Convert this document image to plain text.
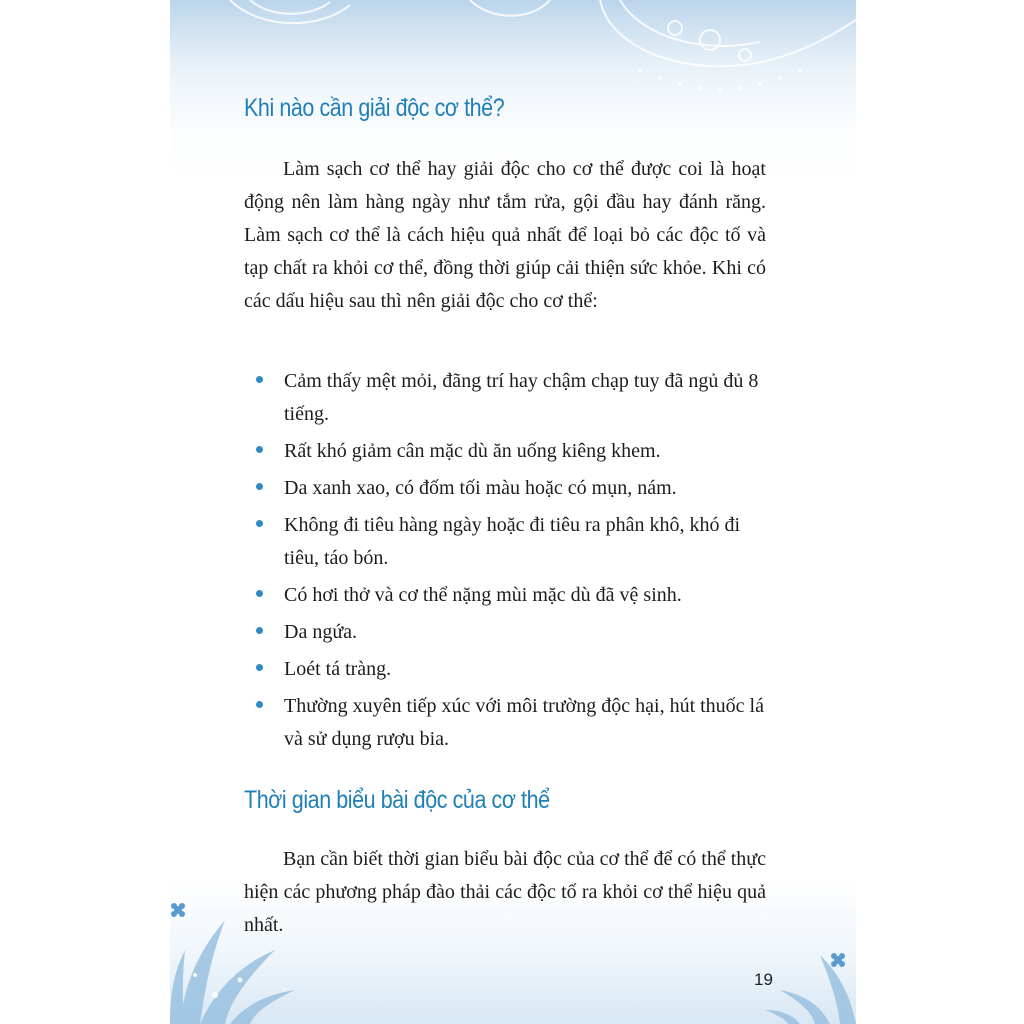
Khi nào cần giải độc cơ thể?

Làm sạch cơ thể hay giải độc cho cơ thể được coi là hoạt động nên làm hàng ngày như tắm rửa, gội đầu hay đánh răng. Làm sạch cơ thể là cách hiệu quả nhất để loại bỏ các độc tố và tạp chất ra khỏi cơ thể, đồng thời giúp cải thiện sức khỏe. Khi có các dấu hiệu sau thì nên giải độc cho cơ thể:

Cảm thấy mệt mỏi, đãng trí hay chậm chạp tuy đã ngủ đủ 8 tiếng.
Rất khó giảm cân mặc dù ăn uống kiêng khem.
Da xanh xao, có đốm tối màu hoặc có mụn, nám.
Không đi tiêu hàng ngày hoặc đi tiêu ra phân khô, khó đi tiêu, táo bón.
Có hơi thở và cơ thể nặng mùi mặc dù đã vệ sinh.
Da ngứa.
Loét tá tràng.
Thường xuyên tiếp xúc với môi trường độc hại, hút thuốc lá và sử dụng rượu bia.
Thời gian biểu bài độc của cơ thể

Bạn cần biết thời gian biểu bài độc của cơ thể để có thể thực hiện các phương pháp đào thải các độc tố ra khỏi cơ thể hiệu quả nhất.

19
